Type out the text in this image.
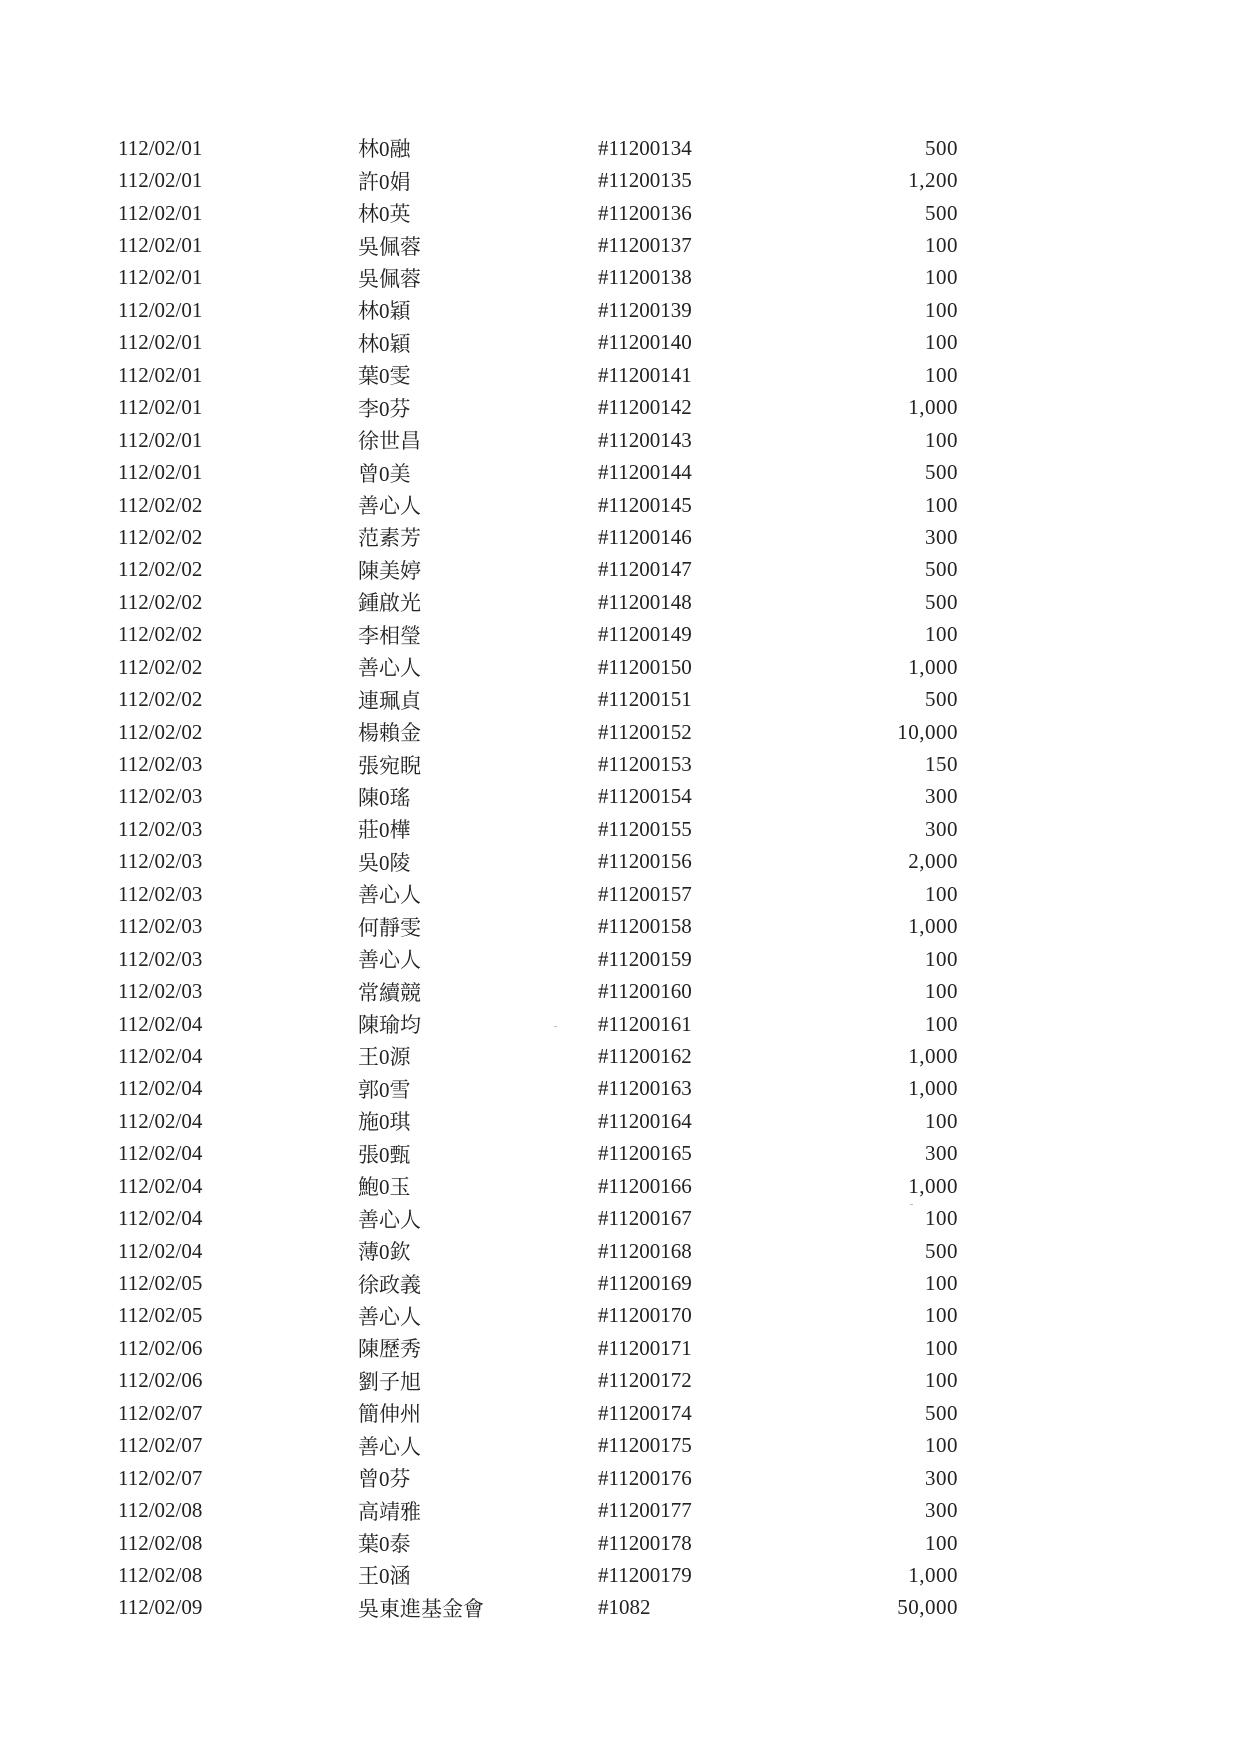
112/02/01	林0融	#11200134	500
112/02/01	許0娟	#11200135	1,200
112/02/01	林0英	#11200136	500
112/02/01	吳佩蓉	#11200137	100
112/02/01	吳佩蓉	#11200138	100
112/02/01	林0穎	#11200139	100
112/02/01	林0穎	#11200140	100
112/02/01	葉0雯	#11200141	100
112/02/01	李0芬	#11200142	1,000
112/02/01	徐世昌	#11200143	100
112/02/01	曾0美	#11200144	500
112/02/02	善心人	#11200145	100
112/02/02	范素芳	#11200146	300
112/02/02	陳美婷	#11200147	500
112/02/02	鍾啟光	#11200148	500
112/02/02	李相瑩	#11200149	100
112/02/02	善心人	#11200150	1,000
112/02/02	連珮貞	#11200151	500
112/02/02	楊賴金	#11200152	10,000
112/02/03	張宛睨	#11200153	150
112/02/03	陳0瑤	#11200154	300
112/02/03	莊0樺	#11200155	300
112/02/03	吳0陵	#11200156	2,000
112/02/03	善心人	#11200157	100
112/02/03	何靜雯	#11200158	1,000
112/02/03	善心人	#11200159	100
112/02/03	常續競	#11200160	100
112/02/04	陳瑜均	#11200161	100
112/02/04	王0源	#11200162	1,000
112/02/04	郭0雪	#11200163	1,000
112/02/04	施0琪	#11200164	100
112/02/04	張0甄	#11200165	300
112/02/04	鮑0玉	#11200166	1,000
112/02/04	善心人	#11200167	100
112/02/04	薄0欽	#11200168	500
112/02/05	徐政義	#11200169	100
112/02/05	善心人	#11200170	100
112/02/06	陳歷秀	#11200171	100
112/02/06	劉子旭	#11200172	100
112/02/07	簡伸州	#11200174	500
112/02/07	善心人	#11200175	100
112/02/07	曾0芬	#11200176	300
112/02/08	高靖雅	#11200177	300
112/02/08	葉0泰	#11200178	100
112/02/08	王0涵	#11200179	1,000
112/02/09	吳東進基金會	#1082	50,000
